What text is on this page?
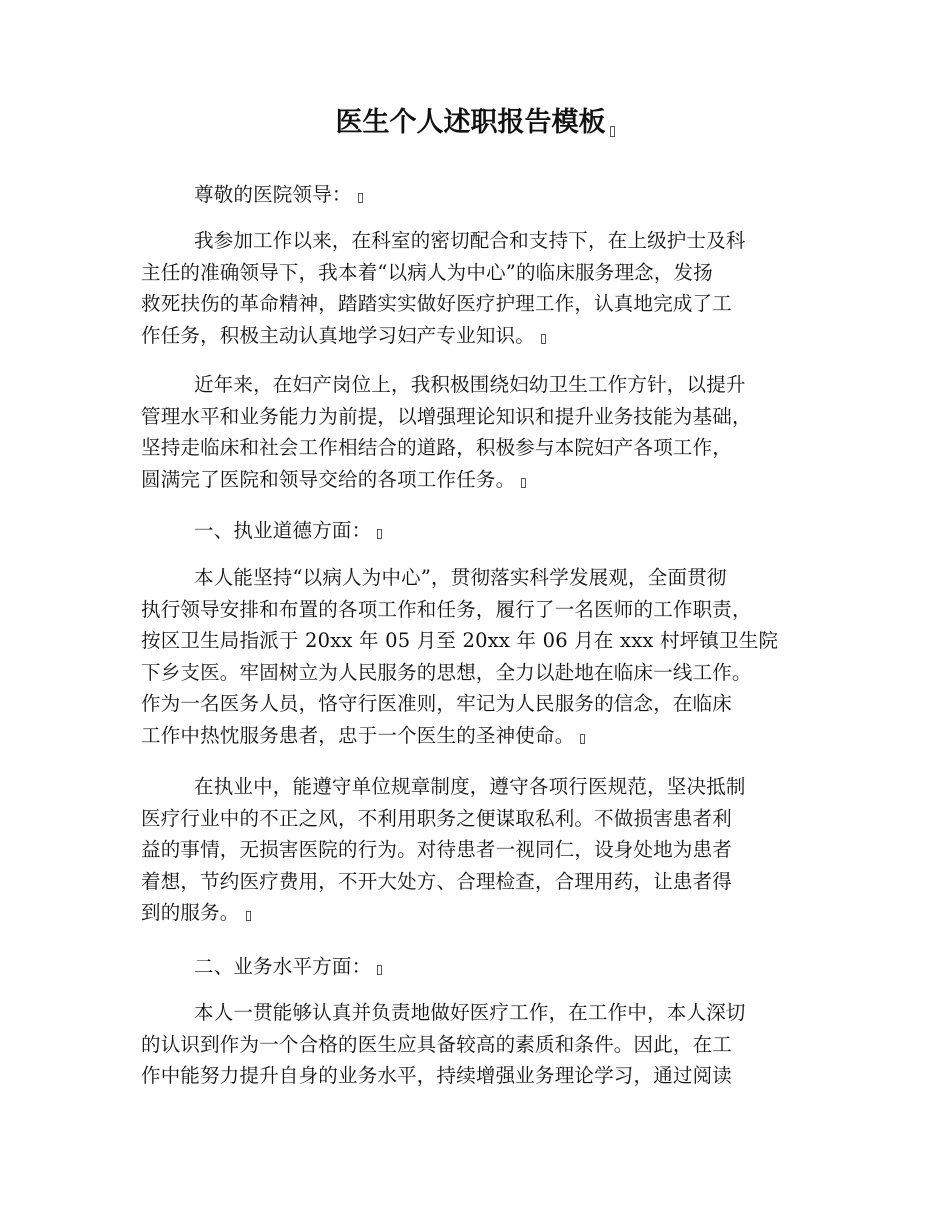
医生个人述职报告模板
尊敬的医院领导：
我参加工作以来，在科室的密切配合和支持下，在上级护士及科
主任的准确领导下，我本着“以病人为中心”的临床服务理念，发扬
救死扶伤的革命精神，踏踏实实做好医疗护理工作，认真地完成了工
作任务，积极主动认真地学习妇产专业知识。
近年来，在妇产岗位上，我积极围绕妇幼卫生工作方针，以提升
管理水平和业务能力为前提，以增强理论知识和提升业务技能为基础，
坚持走临床和社会工作相结合的道路，积极参与本院妇产各项工作，
圆满完了医院和领导交给的各项工作任务。
一、执业道德方面：
本人能坚持“以病人为中心”，贯彻落实科学发展观，全面贯彻
执行领导安排和布置的各项工作和任务，履行了一名医师的工作职责，
按区卫生局指派于 20xx 年 05 月至 20xx 年 06 月在 xxx 村坪镇卫生院
下乡支医。牢固树立为人民服务的思想，全力以赴地在临床一线工作。
作为一名医务人员，恪守行医准则，牢记为人民服务的信念，在临床
工作中热忱服务患者，忠于一个医生的圣神使命。
在执业中，能遵守单位规章制度，遵守各项行医规范，坚决抵制
医疗行业中的不正之风，不利用职务之便谋取私利。不做损害患者利
益的事情，无损害医院的行为。对待患者一视同仁，设身处地为患者
着想，节约医疗费用，不开大处方、合理检查，合理用药，让患者得
到的服务。
二、业务水平方面：
本人一贯能够认真并负责地做好医疗工作，在工作中，本人深切
的认识到作为一个合格的医生应具备较高的素质和条件。因此，在工
作中能努力提升自身的业务水平，持续增强业务理论学习，通过阅读
